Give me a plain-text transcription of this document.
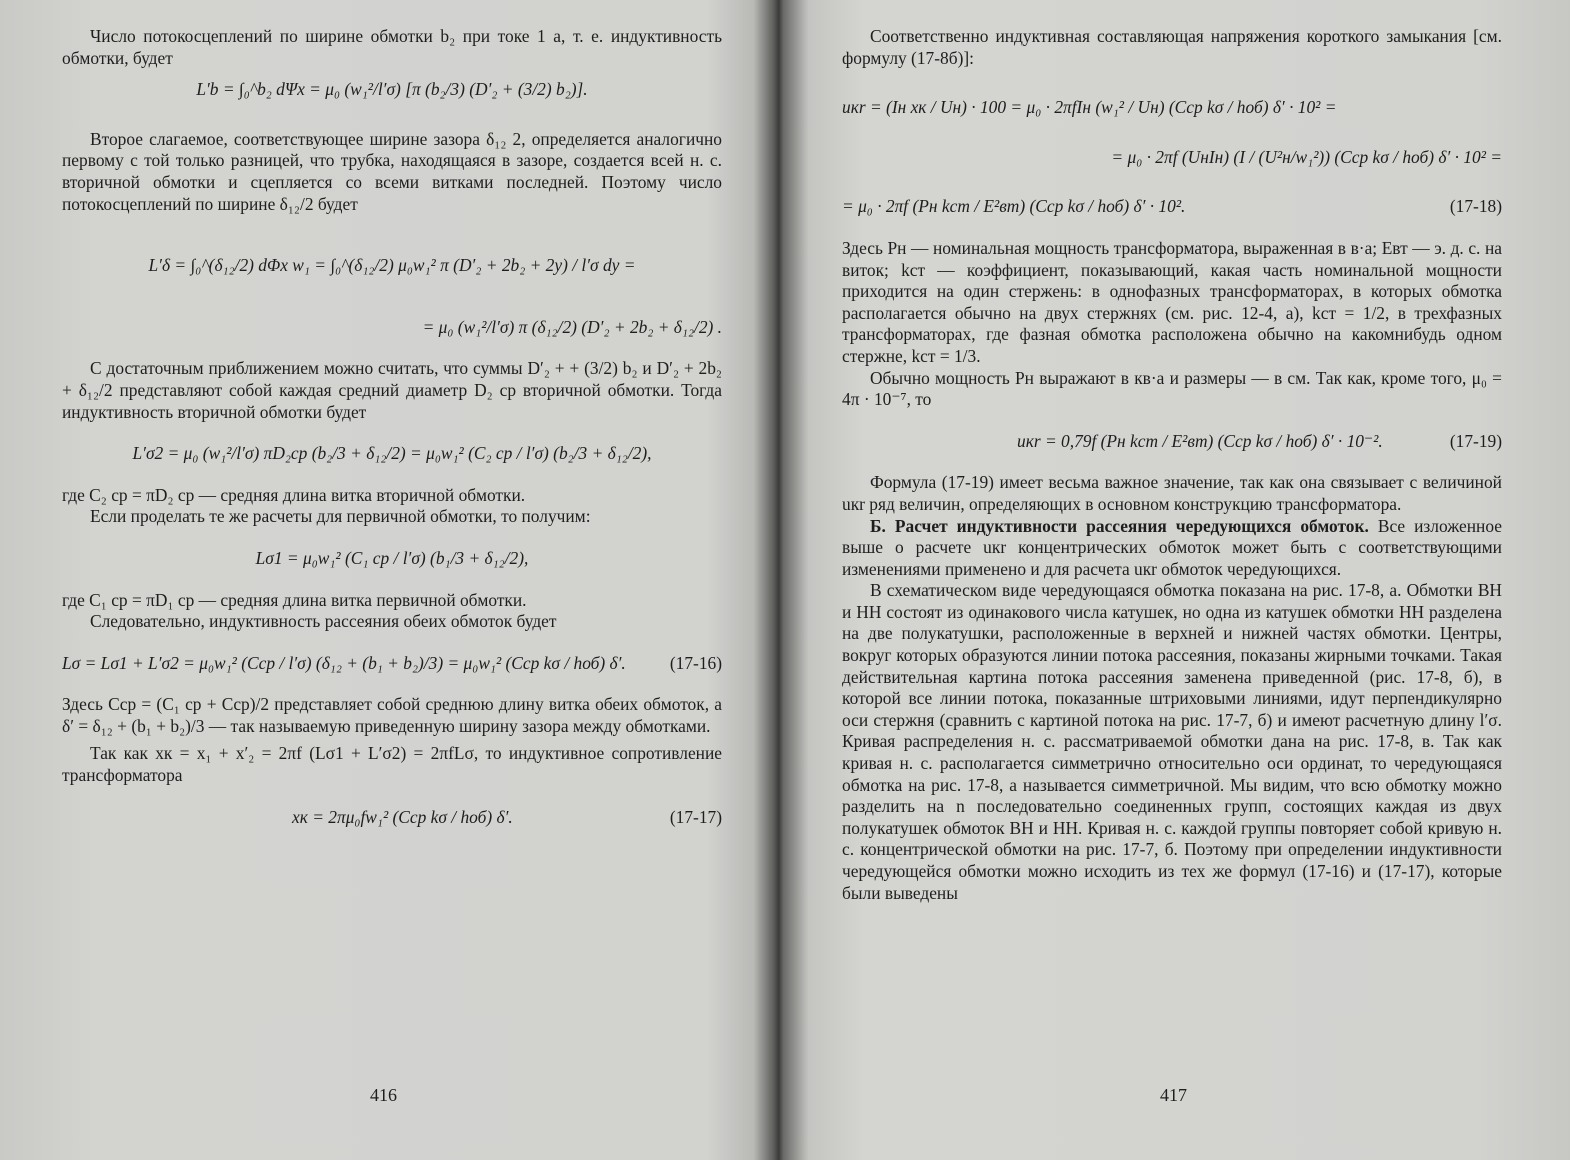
Число потокосцеплений по ширине обмотки b₂ при токе 1 а, т. е. индуктивность обмотки, будет

L′b = ∫₀^b₂ dΨx = μ₀ (w₁²/l′σ) [π (b₂/3) (D′₂ + (3/2) b₂)].

Второе слагаемое, соответствующее ширине зазора δ₁₂ 2, определяется аналогично первому с той только разницей, что трубка, находящаяся в зазоре, создается всей н. с. вторичной обмотки и сцепляется со всеми витками последней. Поэтому число потокосцеплений по ширине δ₁₂/2 будет

L′δ = ∫₀^(δ₁₂/2) dΦx w₁ = ∫₀^(δ₁₂/2) μ₀w₁² π (D′₂ + 2b₂ + 2y) / l′σ dy =

= μ₀ (w₁²/l′σ) π (δ₁₂/2) (D′₂ + 2b₂ + δ₁₂/2) .

С достаточным приближением можно считать, что суммы D′₂ + + (3/2) b₂ и D′₂ + 2b₂ + δ₁₂/2 представляют собой каждая средний диаметр D₂ ср вторичной обмотки. Тогда индуктивность вторичной обмотки будет

L′σ2 = μ₀ (w₁²/l′σ) πD₂ср (b₂/3 + δ₁₂/2) = μ₀w₁² (C₂ ср / l′σ) (b₂/3 + δ₁₂/2),

где C₂ ср = πD₂ ср — средняя длина витка вторичной обмотки.

Если проделать те же расчеты для первичной обмотки, то получим:

Lσ1 = μ₀w₁² (C₁ ср / l′σ) (b₁/3 + δ₁₂/2),

где C₁ ср = πD₁ ср — средняя длина витка первичной обмотки.

Следовательно, индуктивность рассеяния обеих обмоток будет

Lσ = Lσ1 + L′σ2 = μ₀w₁² (Cср / l′σ) (δ₁₂ + (b₁ + b₂)/3) = μ₀w₁² (Cср kσ / hоб) δ′.	(17-16)

Здесь Cср = (C₁ ср + Cср)/2 представляет собой среднюю длину витка обеих обмоток, а δ′ = δ₁₂ + (b₁ + b₂)/3 — так называемую приведенную ширину зазора между обмотками.

Так как xк = x₁ + x′₂ = 2πf (Lσ1 + L′σ2) = 2πfLσ, то индуктивное сопротивление трансформатора

xк = 2πμ₀fw₁² (Cср kσ / hоб) δ′.	(17-17)
416

Соответственно индуктивная составляющая напряжения короткого замыкания [см. формулу (17-8б)]:

uкr = (Iн xк / Uн) · 100 = μ₀ · 2πfIн (w₁² / Uн) (Cср kσ / hоб) δ′ · 10² =

= μ₀ · 2πf (UнIн) (I / (U²н/w₁²)) (Cср kσ / hоб) δ′ · 10² =

= μ₀ · 2πf (Pн kст / E²вт) (Cср kσ / hоб) δ′ · 10².	(17-18)

Здесь Pн — номинальная мощность трансформатора, выраженная в в·а; Eвт — э. д. с. на виток; kст — коэффициент, показывающий, какая часть номинальной мощности приходится на один стержень: в однофазных трансформаторах, в которых обмотка располагается обычно на двух стержнях (см. рис. 12-4, а), kст = 1/2, в трехфазных трансформаторах, где фазная обмотка расположена обычно на какомнибудь одном стержне, kст = 1/3.

Обычно мощность Pн выражают в кв·а и размеры — в см. Так как, кроме того, μ₀ = 4π · 10⁻⁷, то

uкr = 0,79f (Pн kст / E²вт) (Cср kσ / hоб) δ′ · 10⁻².	(17-19)

Формула (17-19) имеет весьма важное значение, так как она связывает с величиной uкr ряд величин, определяющих в основном конструкцию трансформатора.

Б. Расчет индуктивности рассеяния чередующихся обмоток. Все изложенное выше о расчете uкr концентрических обмоток может быть с соответствующими изменениями применено и для расчета uкr обмоток чередующихся.

В схематическом виде чередующаяся обмотка показана на рис. 17-8, а. Обмотки ВН и НН состоят из одинакового числа катушек, но одна из катушек обмотки НН разделена на две полукатушки, расположенные в верхней и нижней частях обмотки. Центры, вокруг которых образуются линии потока рассеяния, показаны жирными точками. Такая действительная картина потока рассеяния заменена приведенной (рис. 17-8, б), в которой все линии потока, показанные штриховыми линиями, идут перпендикулярно оси стержня (сравнить с картиной потока на рис. 17-7, б) и имеют расчетную длину l′σ. Кривая распределения н. с. рассматриваемой обмотки дана на рис. 17-8, в. Так как кривая н. с. располагается симметрично относительно оси ординат, то чередующаяся обмотка на рис. 17-8, а называется симметричной. Мы видим, что всю обмотку можно разделить на n последовательно соединенных групп, состоящих каждая из двух полукатушек обмоток ВН и НН. Кривая н. с. каждой группы повторяет собой кривую н. с. концентрической обмотки на рис. 17-7, б. Поэтому при определении индуктивности чередующейся обмотки можно исходить из тех же формул (17-16) и (17-17), которые были выведены

417
